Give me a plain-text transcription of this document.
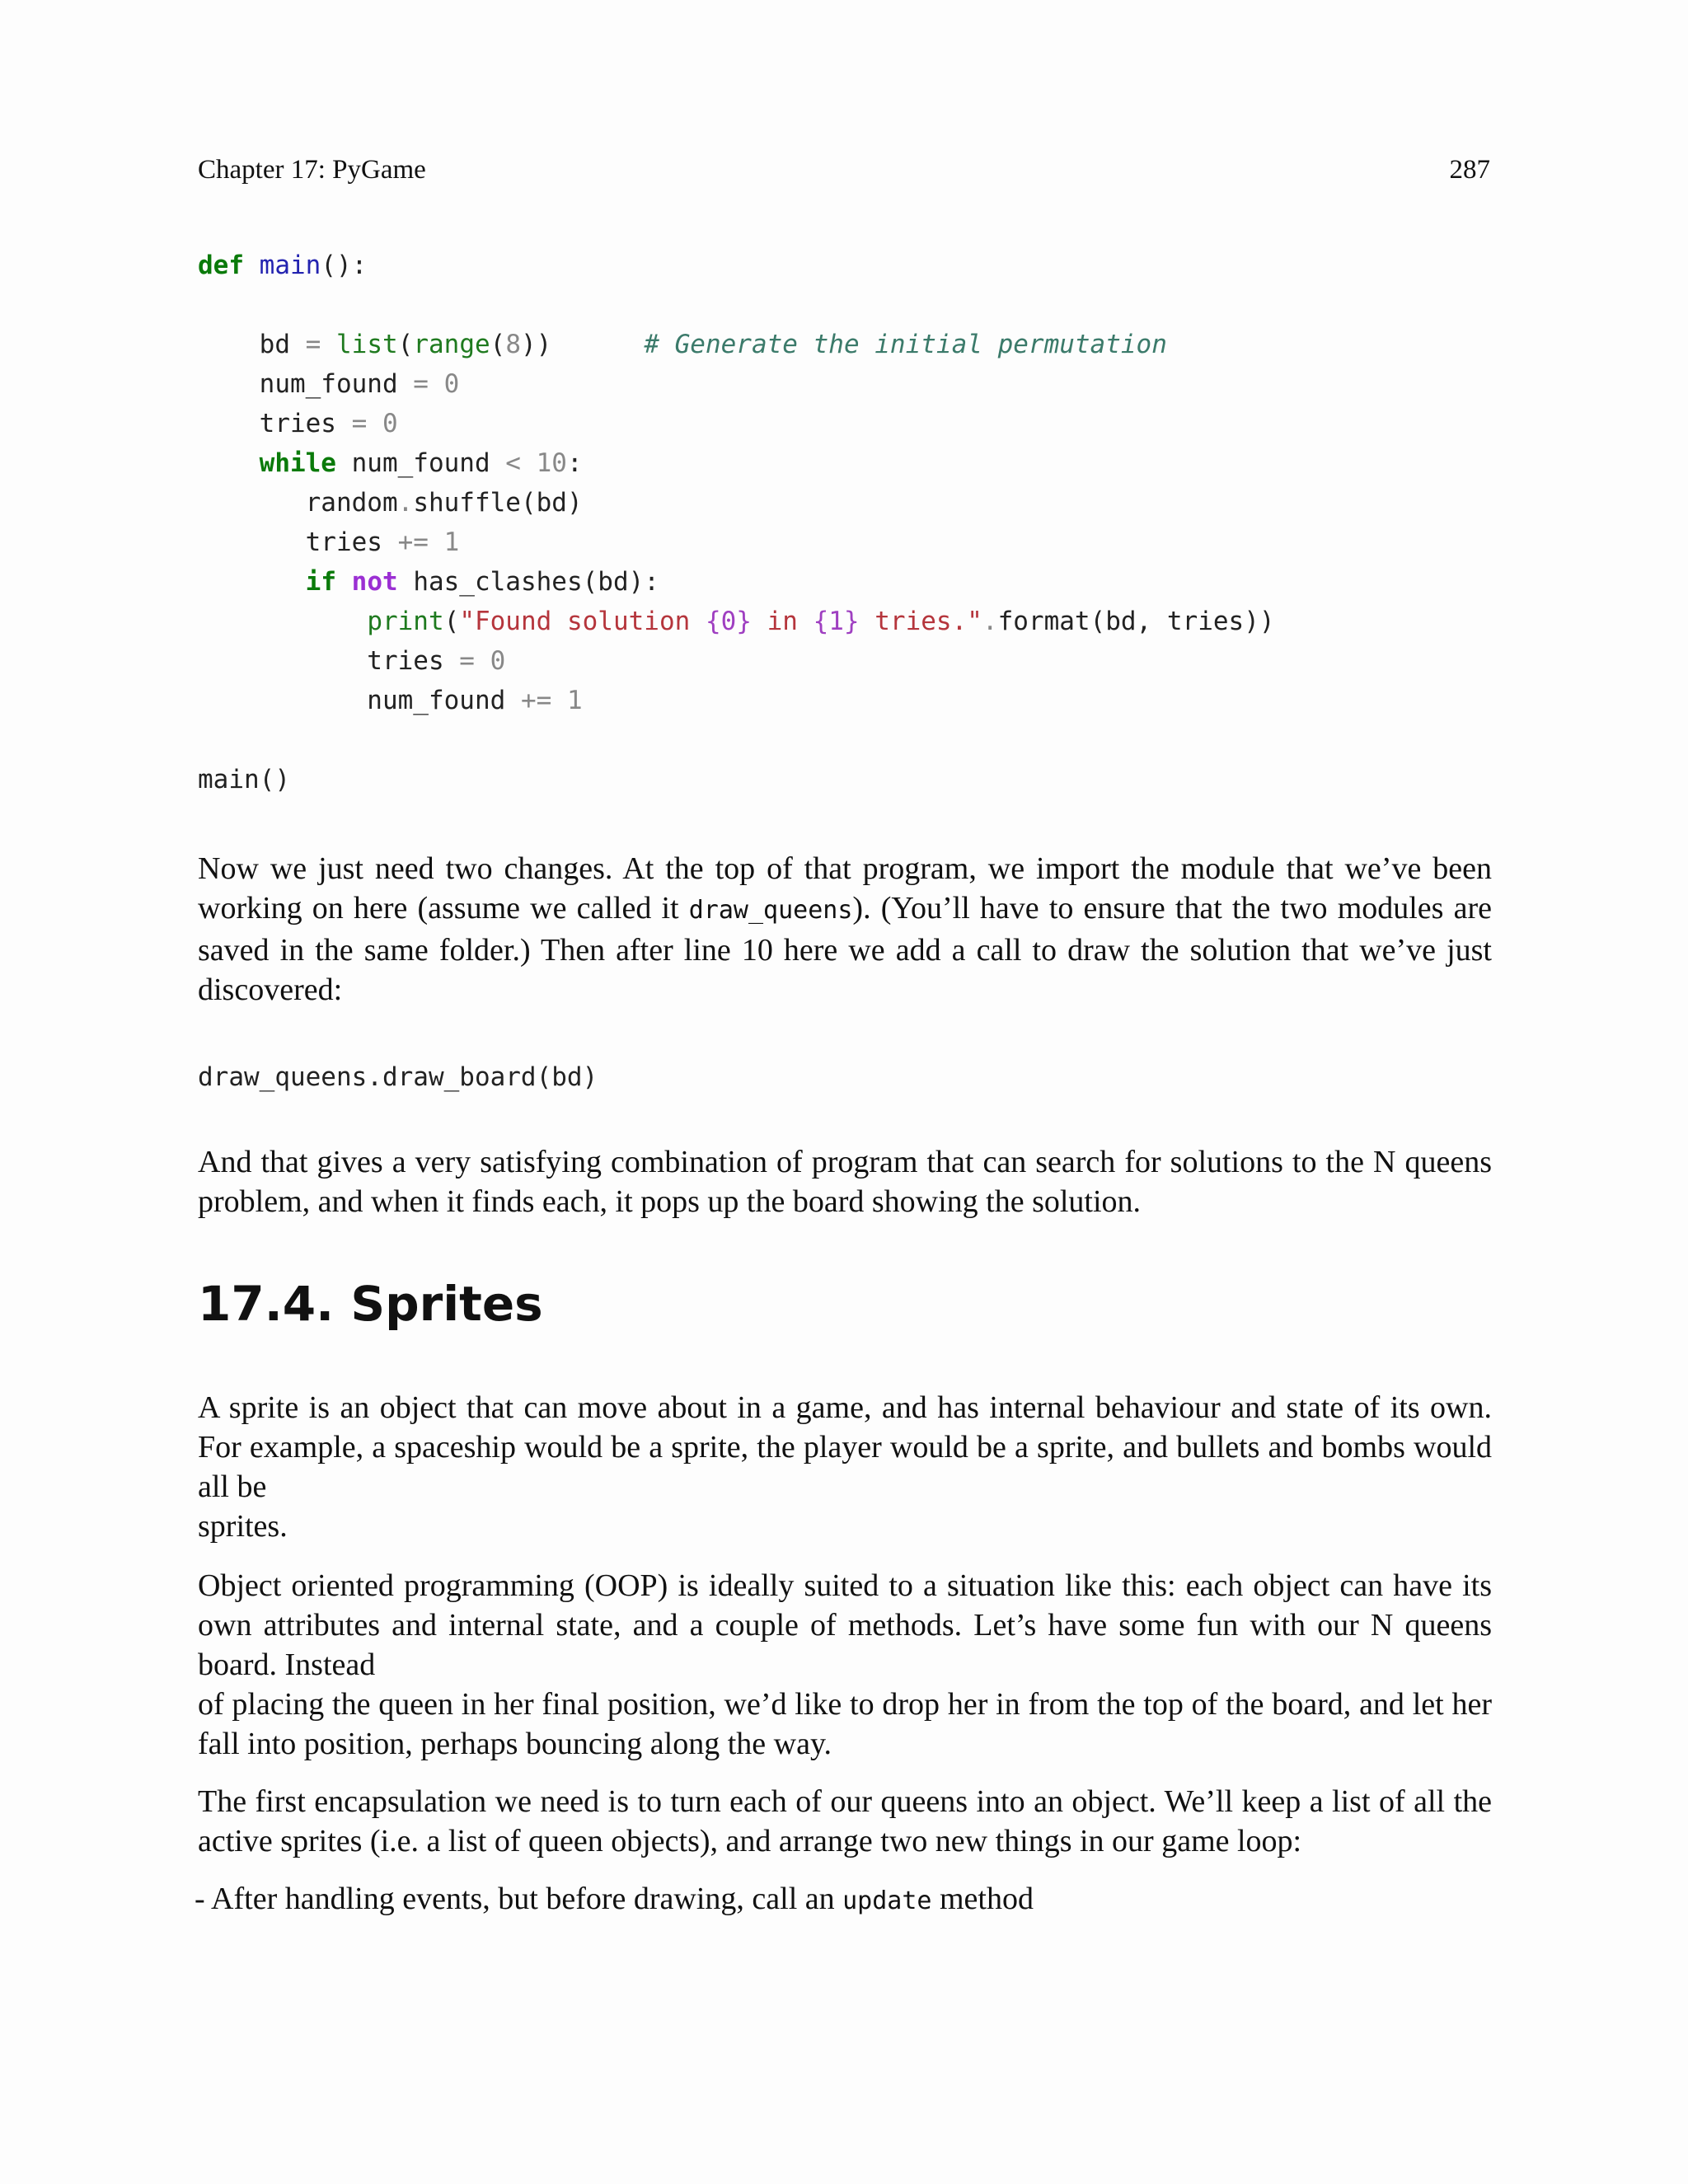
Chapter 17: PyGame	287
def main():
bd = list(range(8))      # Generate the initial permutation
num_found = 0
tries = 0
while num_found < 10:
random.shuffle(bd)
tries += 1
if not has_clashes(bd):
print("Found solution {0} in {1} tries.".format(bd, tries))
tries = 0
num_found += 1
main()
Now we just need two changes. At the top of that program, we import the module that we’ve been working on here (assume we called it draw_queens). (You’ll have to ensure that the two modules are saved in the same folder.) Then after line 10 here we add a call to draw the solution that we’ve just discovered:
draw_queens.draw_board(bd)
And that gives a very satisfying combination of program that can search for solutions to the N queens problem, and when it finds each, it pops up the board showing the solution.
17.4. Sprites
A sprite is an object that can move about in a game, and has internal behaviour and state of its own. For example, a spaceship would be a sprite, the player would be a sprite, and bullets and bombs would all be
sprites.
Object oriented programming (OOP) is ideally suited to a situation like this: each object can have its own attributes and internal state, and a couple of methods. Let’s have some fun with our N queens board. Instead
of placing the queen in her final position, we’d like to drop her in from the top of the board, and let her fall into position, perhaps bouncing along the way.
The first encapsulation we need is to turn each of our queens into an object. We’ll keep a list of all the active sprites (i.e. a list of queen objects), and arrange two new things in our game loop:
- After handling events, but before drawing, call an update method
